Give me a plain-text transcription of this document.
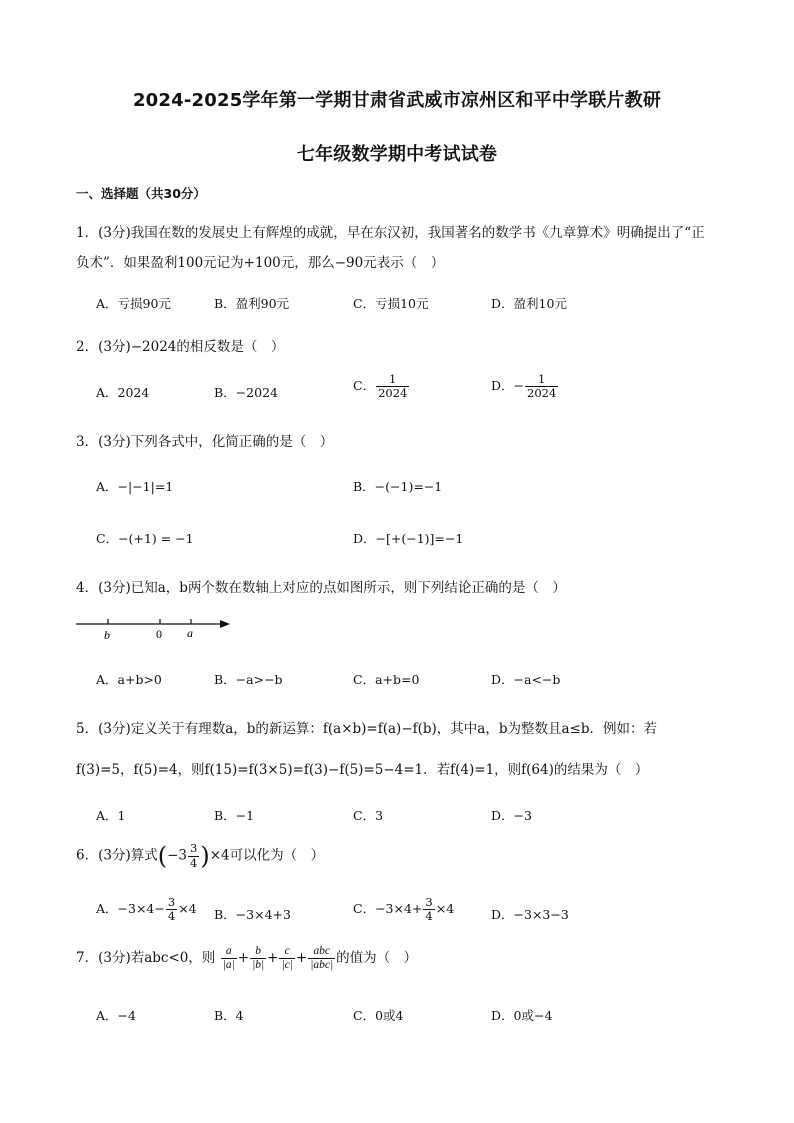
2024-2025学年第一学期甘肃省武威市凉州区和平中学联片教研
七年级数学期中考试试卷
一、选择题（共30分）
1．(3分)我国在数的发展史上有辉煌的成就，早在东汉初，我国著名的数学书《九章算术》明确提出了“正
负术”．如果盈利100元记为+100元，那么−90元表示（　）
A．亏损90元	B．盈利90元	C．亏损10元	D．盈利10元
2．(3分)−2024的相反数是（　）
A．2024	B．−2024	C． $\frac{1}{2024}$	D．− $\frac{1}{2024}$
3．(3分)下列各式中，化简正确的是（　）
A．−|−1|=1	B．−(−1)=−1
C．−(+1) = −1	D．−[+(−1)]=−1
4．(3分)已知a，b两个数在数轴上对应的点如图所示，则下列结论正确的是（　）
b	0 a
A．a+b>0	B．−a>−b	C．a+b=0	D．−a<−b
5．(3分)定义关于有理数a，b的新运算：f(a×b)=f(a)−f(b)，其中a，b为整数且a≤b．例如：若
f(3)=5，f(5)=4，则f(15)=f(3×5)=f(3)−f(5)=5−4=1．若f(4)=1，则f(64)的结果为（　）
A．1	B．−1	C．3	D．−3
6．(3分)算式$(-3 \frac{3}{4} )\times 4$可以化为（　）
A．$-3\times 4- \frac{3}{4} \times 4$ B．−3×4+3	C．$-3\times 4+ \frac{3}{4} \times 4$	D．−3×3−3
7．(3分)若abc<0，则 $\frac{a}{|a|} + \frac{b}{|b|} + \frac{c}{|c|} + \frac{\text{abc}}{\text{|abc|}}$ 的值为（　）
A．−4	B．4	C．0或4	D．0或−4
